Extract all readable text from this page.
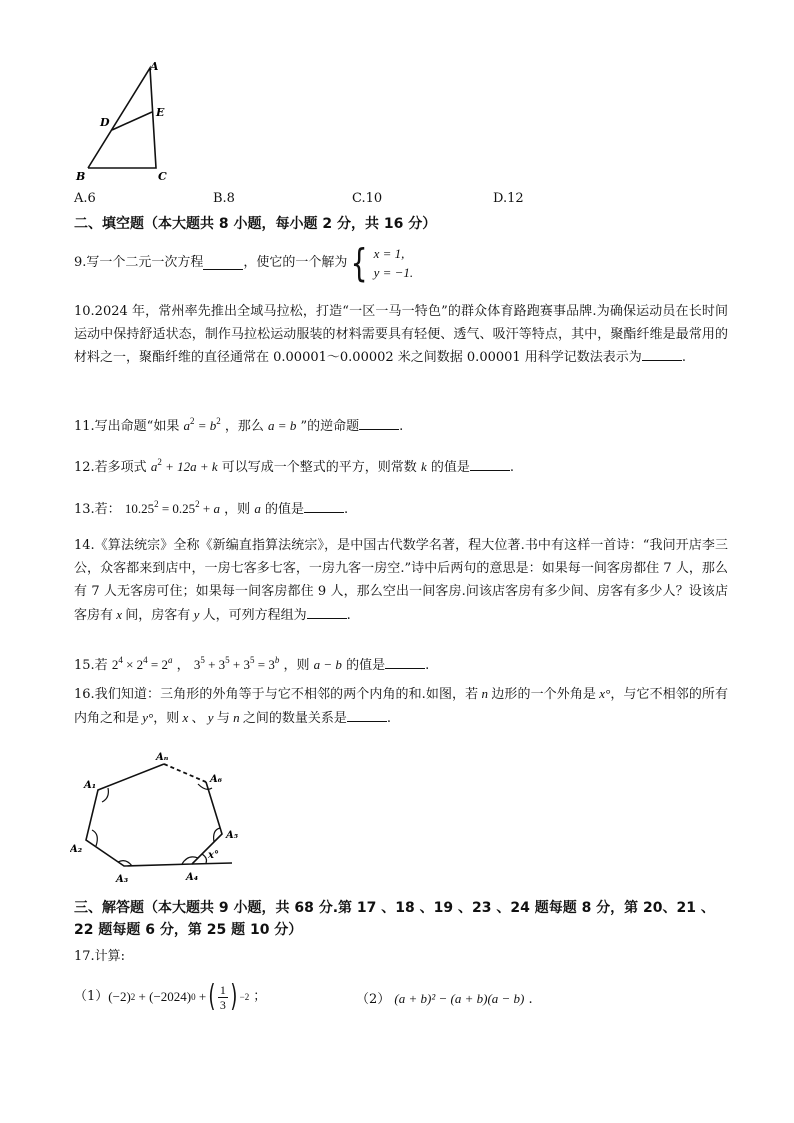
A
E
D
B	C
A.6	B.8	C.10	D.12
二、填空题（本大题共 8 小题，每小题 2 分，共 16 分）
9.写一个二元一次方程	，使它的一个解为 { x = 1,
y = −1.
10.2024 年，常州率先推出全域马拉松，打造“一区一马一特色”的群众体育路跑赛事品牌.为确保运动员在长时间运动中保持舒适状态，制作马拉松运动服装的材料需要具有轻便、透气、吸汗等特点，其中，聚酯纤维是最常用的材料之一，聚酯纤维的直径通常在 0.00001～0.00002 米之间数据 0.00001 用科学记数法表示为	.
11.写出命题“如果 $a^2 = b^2$ ，那么 a = b ”的逆命题	.
12.若多项式 $a^2 + 12a + k$ 可以写成一个整式的平方，则常数 k 的值是	.
13.若： $10.25^2 = 0.25^2 + a$ ，则 a 的值是	.
14.《算法统宗》全称《新编直指算法统宗》，是中国古代数学名著，程大位著.书中有这样一首诗：“我问开店李三公，众客都来到店中，一房七客多七客，一房九客一房空.”诗中后两句的意思是：如果每一间客房都住 7 人，那么有 7 人无客房可住；如果每一间客房都住 9 人，那么空出一间客房.问该店客房有多少间、房客有多少人？设该店客房有 x 间，房客有 y 人，可列方程组为	.
15.若 $2^4 \times 2^4 = 2^a$ ， $3^5 + 3^5 + 3^5 = 3^b$ ，则 a − b 的值是	.
16.我们知道：三角形的外角等于与它不相邻的两个内角的和.如图，若 n 边形的一个外角是 x°，与它不相邻的所有内角之和是 y°，则 x 、 y 与 n 之间的数量关系是	.
Aₙ
A₆
A₁
A₂
A₃	A₄
A₅
x°
三、解答题（本大题共 9 小题，共 68 分.第 17 、18 、19 、23 、24 题每题 8 分，第 20、21 、
22 题每题 6 分，第 25 题 10 分）
17.计算:
（1） (−2) 2 + (−2024) 0 + ( $\frac{1}{3}$ ) −2 ；	（2） (a + b)² − (a + b)(a − b) .
